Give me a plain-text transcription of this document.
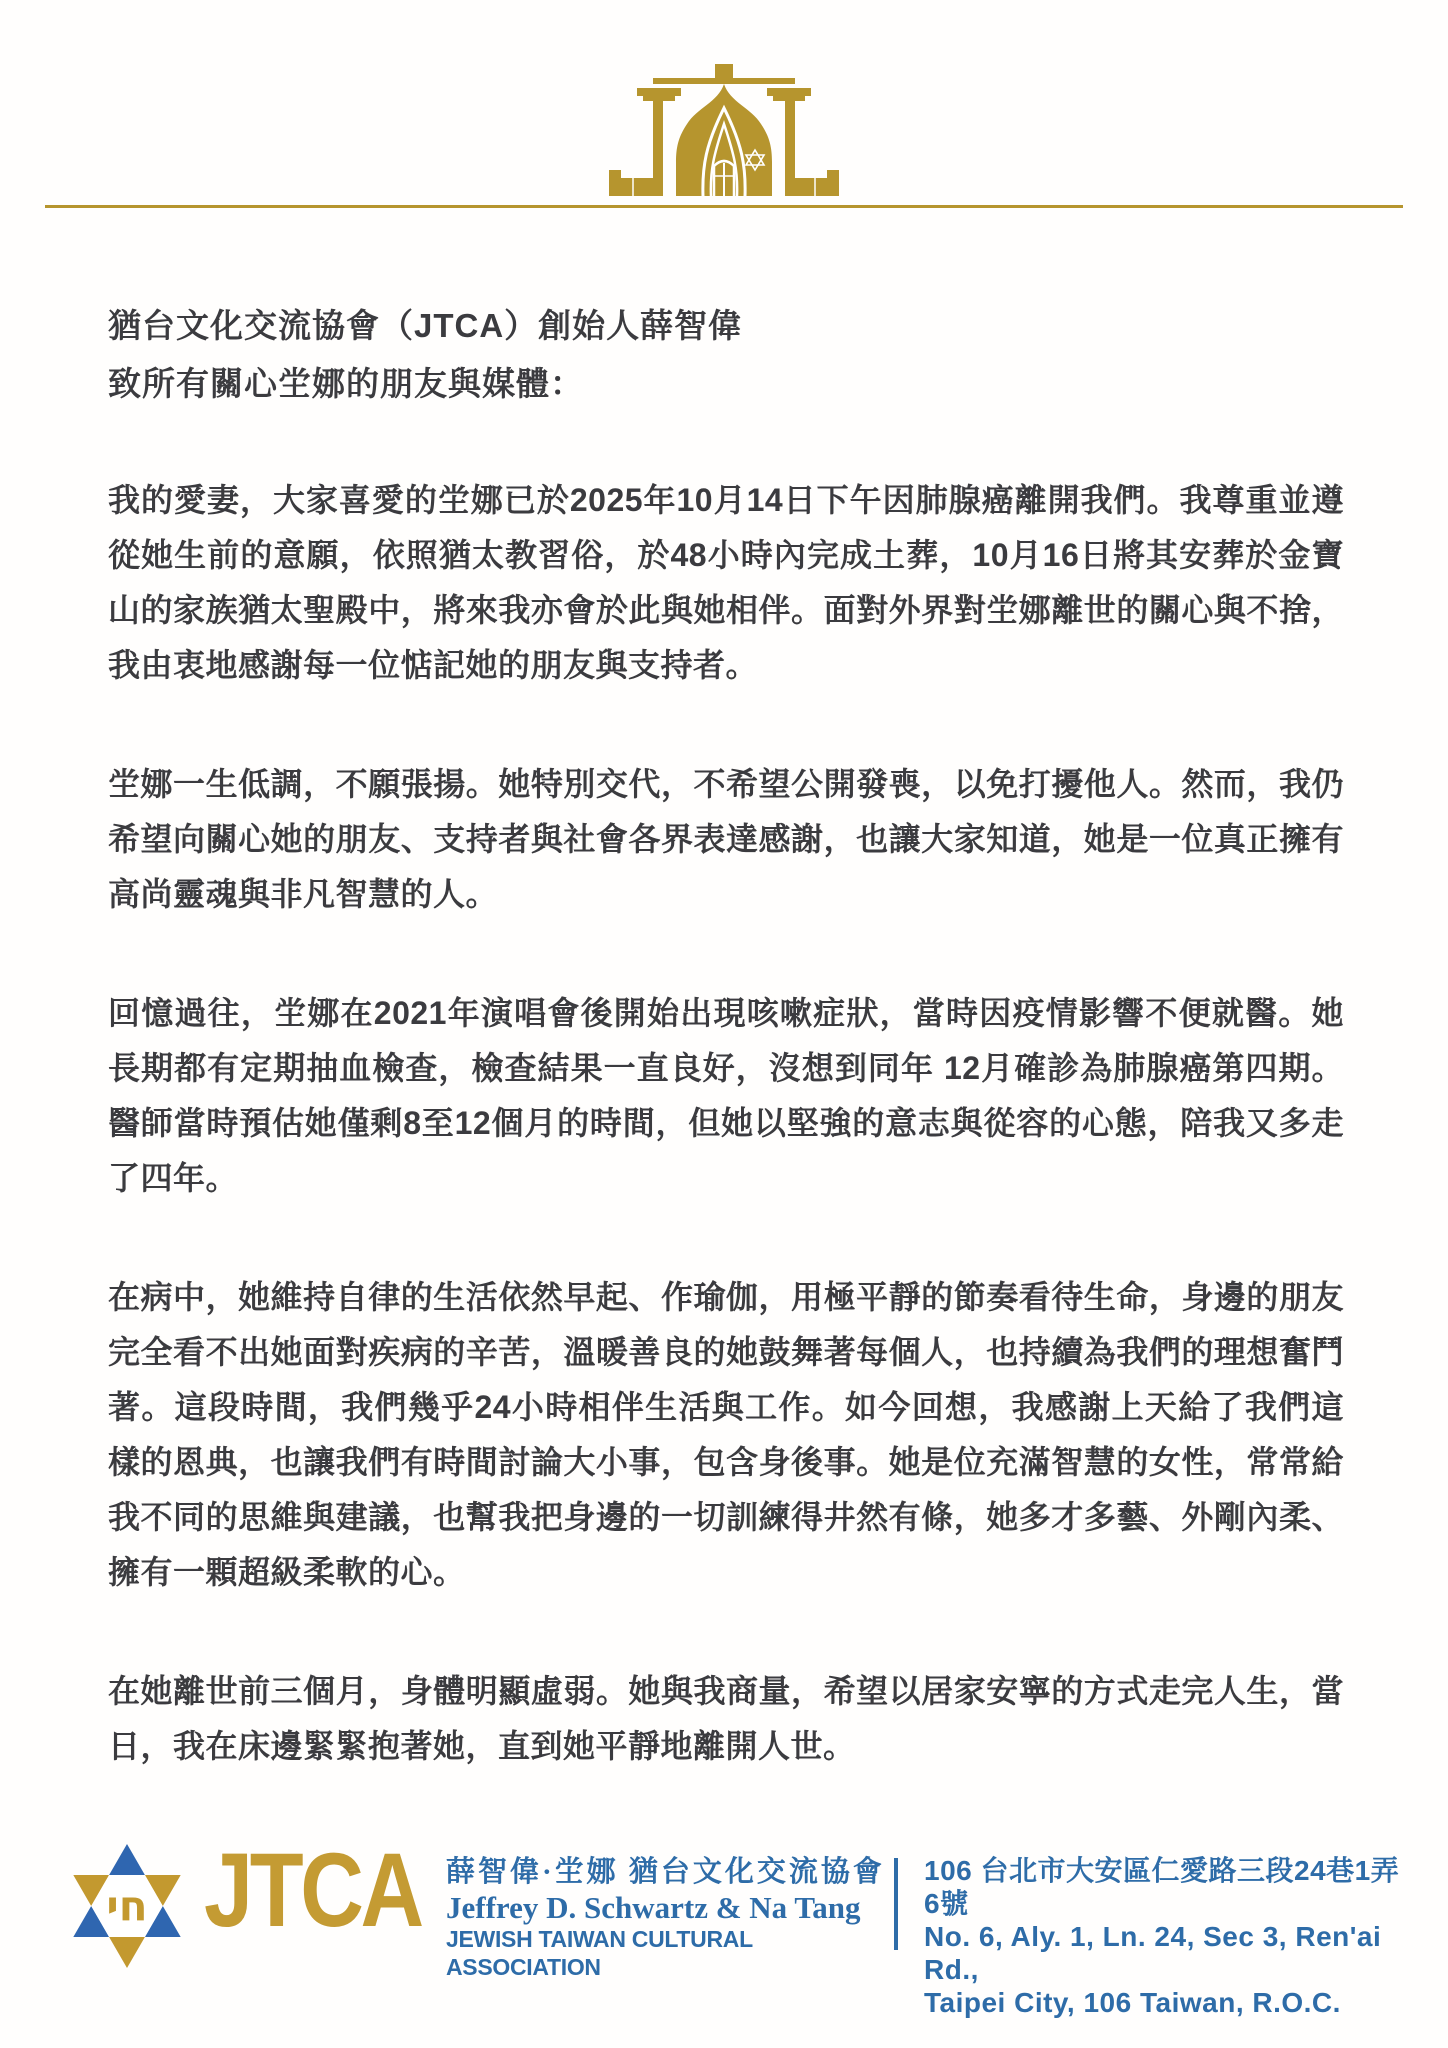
猶台文化交流協會（JTCA）創始人薛智偉
致所有關心坣娜的朋友與媒體：

我的愛妻，大家喜愛的坣娜已於2025年10月14日下午因肺腺癌離開我們。我尊重並遵從她生前的意願，依照猶太教習俗，於48小時內完成土葬，10月16日將其安葬於金寶山的家族猶太聖殿中，將來我亦會於此與她相伴。面對外界對坣娜離世的關心與不捨，我由衷地感謝每一位惦記她的朋友與支持者。

坣娜一生低調，不願張揚。她特別交代，不希望公開發喪，以免打擾他人。然而，我仍希望向關心她的朋友、支持者與社會各界表達感謝，也讓大家知道，她是一位真正擁有高尚靈魂與非凡智慧的人。

回憶過往，坣娜在2021年演唱會後開始出現咳嗽症狀，當時因疫情影響不便就醫。她長期都有定期抽血檢查，檢查結果一直良好，沒想到同年 12月確診為肺腺癌第四期。醫師當時預估她僅剩8至12個月的時間，但她以堅強的意志與從容的心態，陪我又多走了四年。

在病中，她維持自律的生活依然早起、作瑜伽，用極平靜的節奏看待生命，身邊的朋友完全看不出她面對疾病的辛苦，溫暖善良的她鼓舞著每個人，也持續為我們的理想奮鬥著。這段時間，我們幾乎24小時相伴生活與工作。如今回想，我感謝上天給了我們這樣的恩典，也讓我們有時間討論大小事，包含身後事。她是位充滿智慧的女性，常常給我不同的思維與建議，也幫我把身邊的一切訓練得井然有條，她多才多藝、外剛內柔、擁有一顆超級柔軟的心。

在她離世前三個月，身體明顯虛弱。她與我商量，希望以居家安寧的方式走完人生，當日，我在床邊緊緊抱著她，直到她平靜地離開人世。

חי JTCA 薛智偉·坣娜 猶台文化交流協會
Jeffrey D. Schwartz & Na Tang
JEWISH TAIWAN CULTURAL ASSOCIATION
106 台北市大安區仁愛路三段24巷1弄6號
No. 6, Aly. 1, Ln. 24, Sec 3, Ren'ai Rd.,
Taipei City, 106 Taiwan, R.O.C.
